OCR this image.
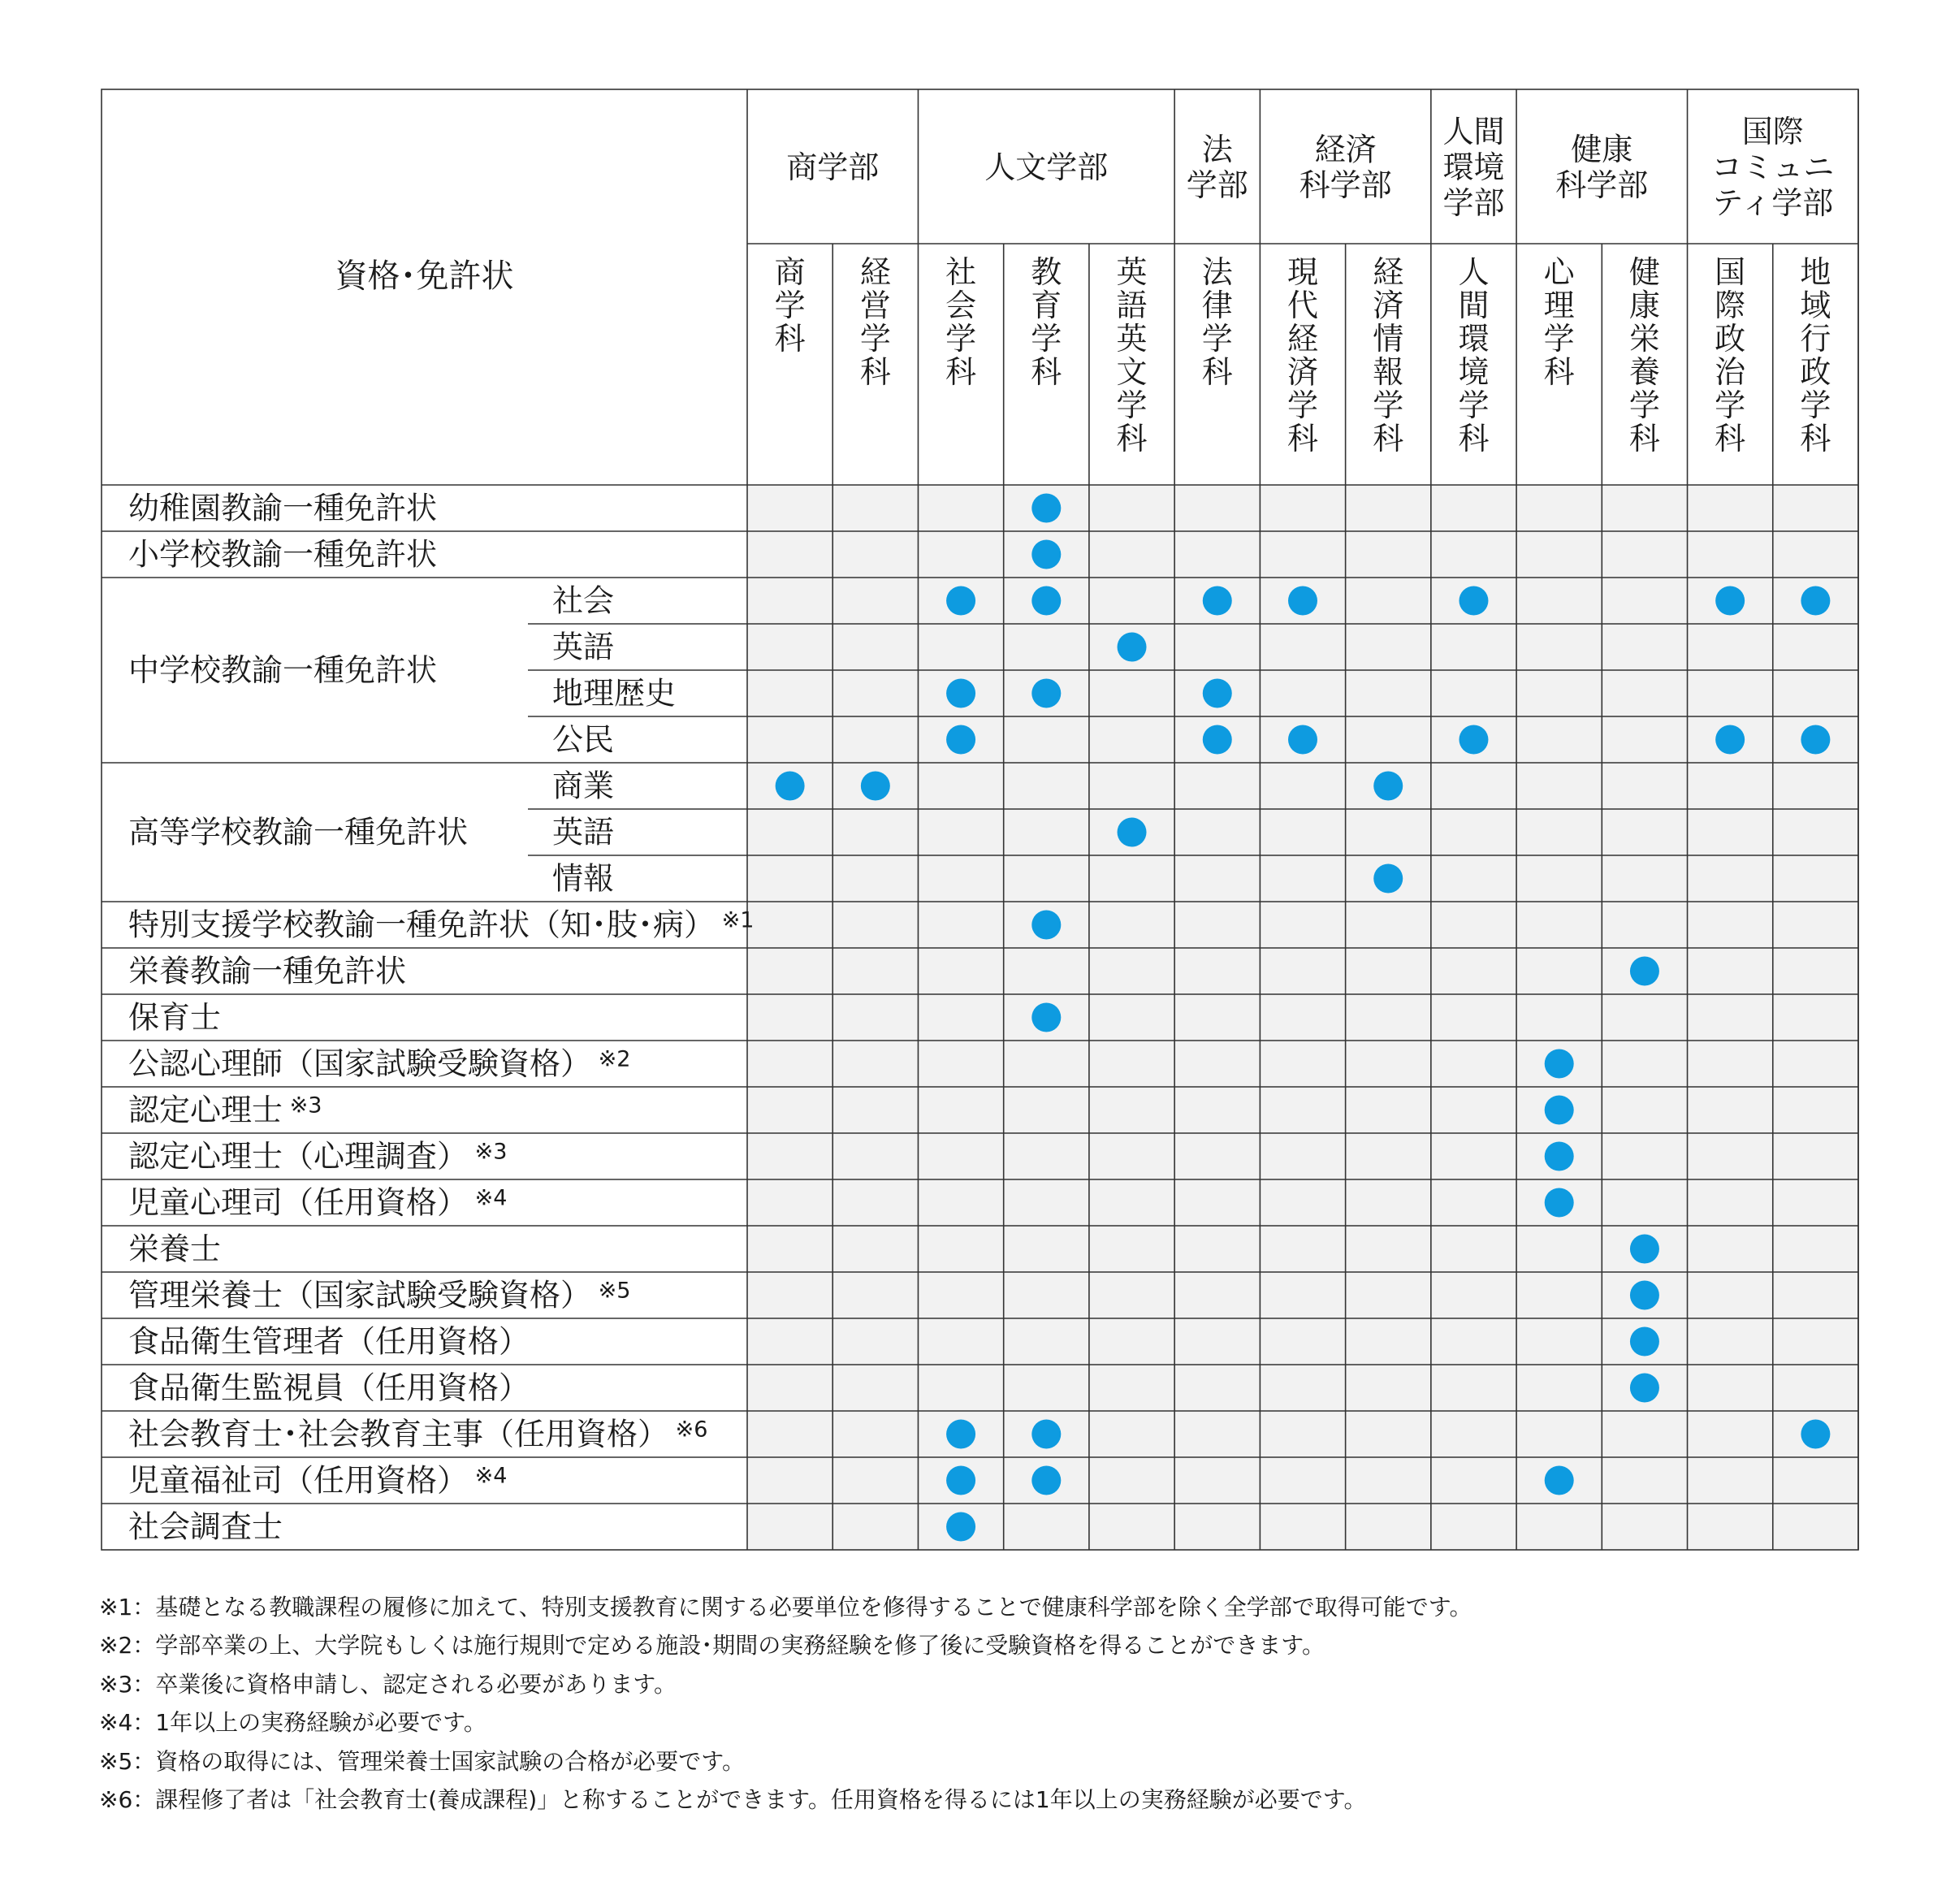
資格･免許状
商学部	人文学部	法学部
経済科学部
人間環境学部
健康科学部
国際コミュニティ学部
商学科
経営学科
社会学科
教育学科
英語英文学科
法律学科
現代経済学科
経済情報学科
人間環境学科
心理学科
健康栄養学科
国際政治学科
地域行政学科
幼稚園教諭一種免許状
小学校教諭一種免許状
中学校教諭一種免許状
高等学校教諭一種免許状
特別支援学校教諭一種免許状（知･肢･病） $^{※1}$
栄養教諭一種免許状
保育士
公認心理師（国家試験受験資格） $^{※2}$
認定心理士 $^{※3}$
認定心理士（心理調査） $^{※3}$
児童心理司（任用資格） $^{※4}$
栄養士
管理栄養士（国家試験受験資格） $^{※5}$
食品衛生管理者（任用資格）
食品衛生監視員（任用資格）
社会教育士･社会教育主事（任用資格） $^{※6}$
児童福祉司（任用資格） $^{※4}$
社会調査士
社会
英語
地理歴史
公民
商業
英語
情報
※1：基礎となる教職課程の履修に加えて、特別支援教育に関する必要単位を修得することで健康科学部を除く全学部で取得可能です。
※2：学部卒業の上、大学院もしくは施行規則で定める施設･期間の実務経験を修了後に受験資格を得ることができます。
※3：卒業後に資格申請し、認定される必要があります。
※4：1年以上の実務経験が必要です。
※5：資格の取得には、管理栄養士国家試験の合格が必要です。
※6：課程修了者は「社会教育士(養成課程)」と称することができます。任用資格を得るには1年以上の実務経験が必要です。
